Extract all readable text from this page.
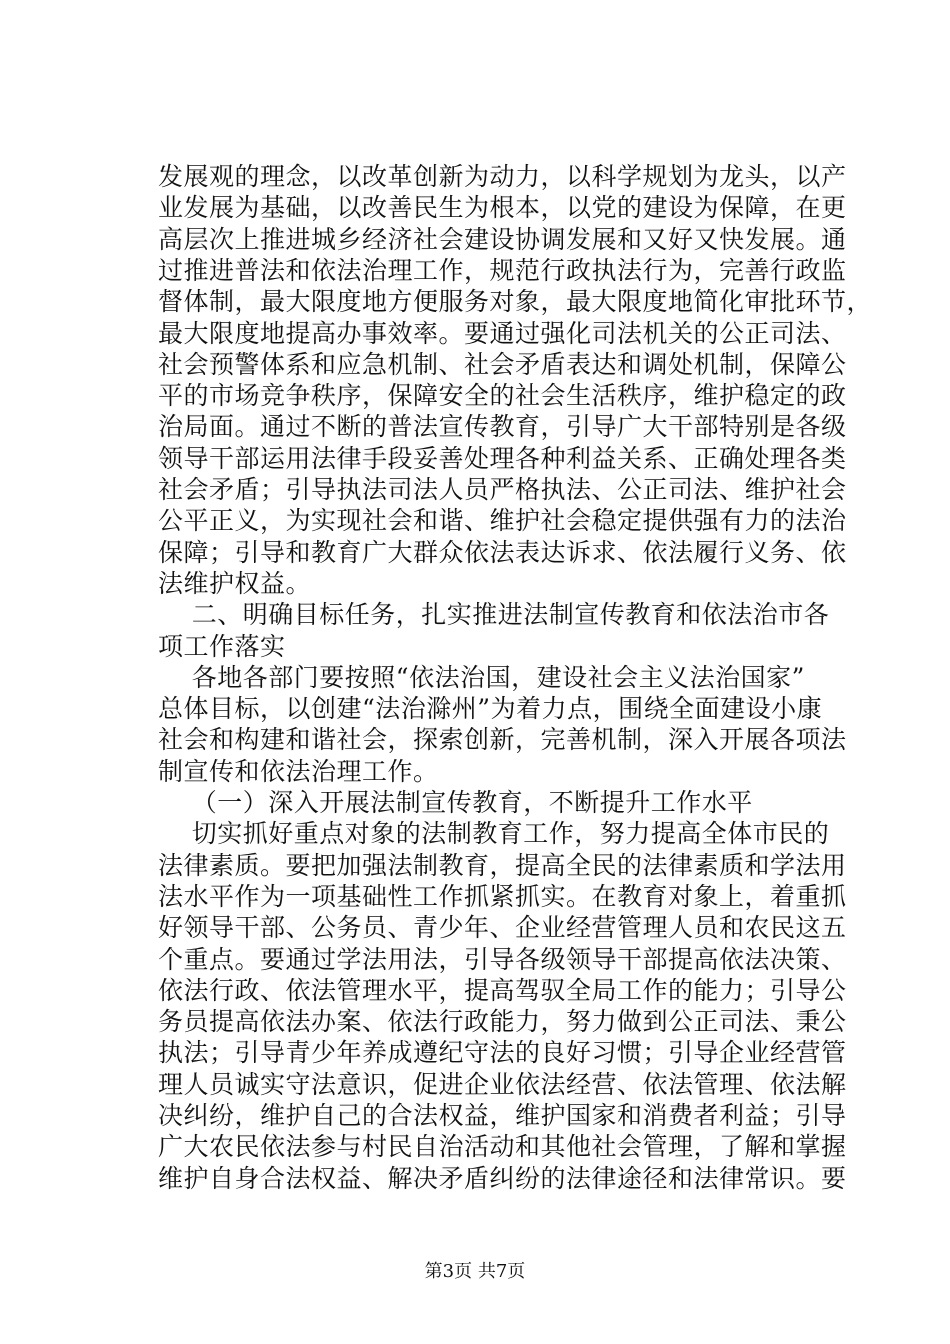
发展观的理念，以改革创新为动力，以科学规划为龙头，以产
业发展为基础，以改善民生为根本，以党的建设为保障，在更
高层次上推进城乡经济社会建设协调发展和又好又快发展。通
过推进普法和依法治理工作，规范行政执法行为，完善行政监
督体制，最大限度地方便服务对象，最大限度地简化审批环节，
最大限度地提高办事效率。要通过强化司法机关的公正司法、
社会预警体系和应急机制、社会矛盾表达和调处机制，保障公
平的市场竞争秩序，保障安全的社会生活秩序，维护稳定的政
治局面。通过不断的普法宣传教育，引导广大干部特别是各级
领导干部运用法律手段妥善处理各种利益关系、正确处理各类
社会矛盾；引导执法司法人员严格执法、公正司法、维护社会
公平正义，为实现社会和谐、维护社会稳定提供强有力的法治
保障；引导和教育广大群众依法表达诉求、依法履行义务、依
法维护权益。
二、明确目标任务，扎实推进法制宣传教育和依法治市各
项工作落实
各地各部门要按照“依法治国，建设社会主义法治国家”
总体目标，以创建“法治滁州”为着力点，围绕全面建设小康
社会和构建和谐社会，探索创新，完善机制，深入开展各项法
制宣传和依法治理工作。
（一）深入开展法制宣传教育，不断提升工作水平
切实抓好重点对象的法制教育工作，努力提高全体市民的
法律素质。要把加强法制教育，提高全民的法律素质和学法用
法水平作为一项基础性工作抓紧抓实。在教育对象上，着重抓
好领导干部、公务员、青少年、企业经营管理人员和农民这五
个重点。要通过学法用法，引导各级领导干部提高依法决策、
依法行政、依法管理水平，提高驾驭全局工作的能力；引导公
务员提高依法办案、依法行政能力，努力做到公正司法、秉公
执法；引导青少年养成遵纪守法的良好习惯；引导企业经营管
理人员诚实守法意识，促进企业依法经营、依法管理、依法解
决纠纷，维护自己的合法权益，维护国家和消费者利益；引导
广大农民依法参与村民自治活动和其他社会管理，了解和掌握
维护自身合法权益、解决矛盾纠纷的法律途径和法律常识。要
第3页 共7页
